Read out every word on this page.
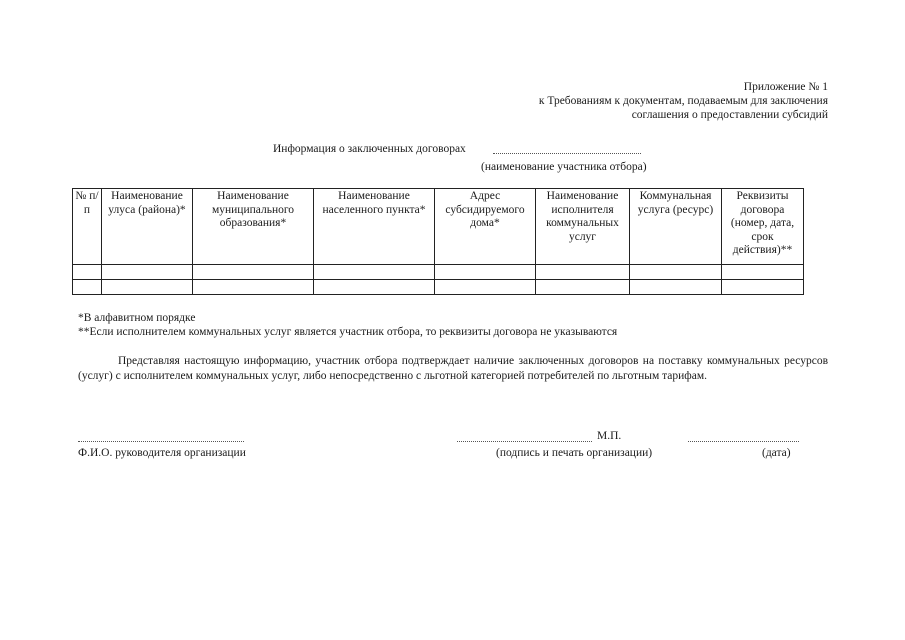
Приложение № 1
к Требованиям к документам, подаваемым для заключения
соглашения о предоставлении субсидий
Информация о заключенных договорах
(наименование участника отбора)
№ п/п	Наименование улуса (района)*	Наименование муниципального образования*	Наименование населенного пункта*	Адрес субсидируемого дома*	Наименование исполнителя коммунальных услуг	Коммунальная услуга (ресурс)	Реквизиты договора (номер, дата, срок действия)**

*В алфавитном порядке
**Если исполнителем коммунальных услуг является участник отбора, то реквизиты договора не указываются
Представляя настоящую информацию, участник отбора подтверждает наличие заключенных договоров на поставку коммунальных ресурсов (услуг) с исполнителем коммунальных услуг, либо непосредственно с льготной категорией потребителей по льготным тарифам.
М.П.
Ф.И.О. руководителя организации	(подпись и печать организации)	(дата)
